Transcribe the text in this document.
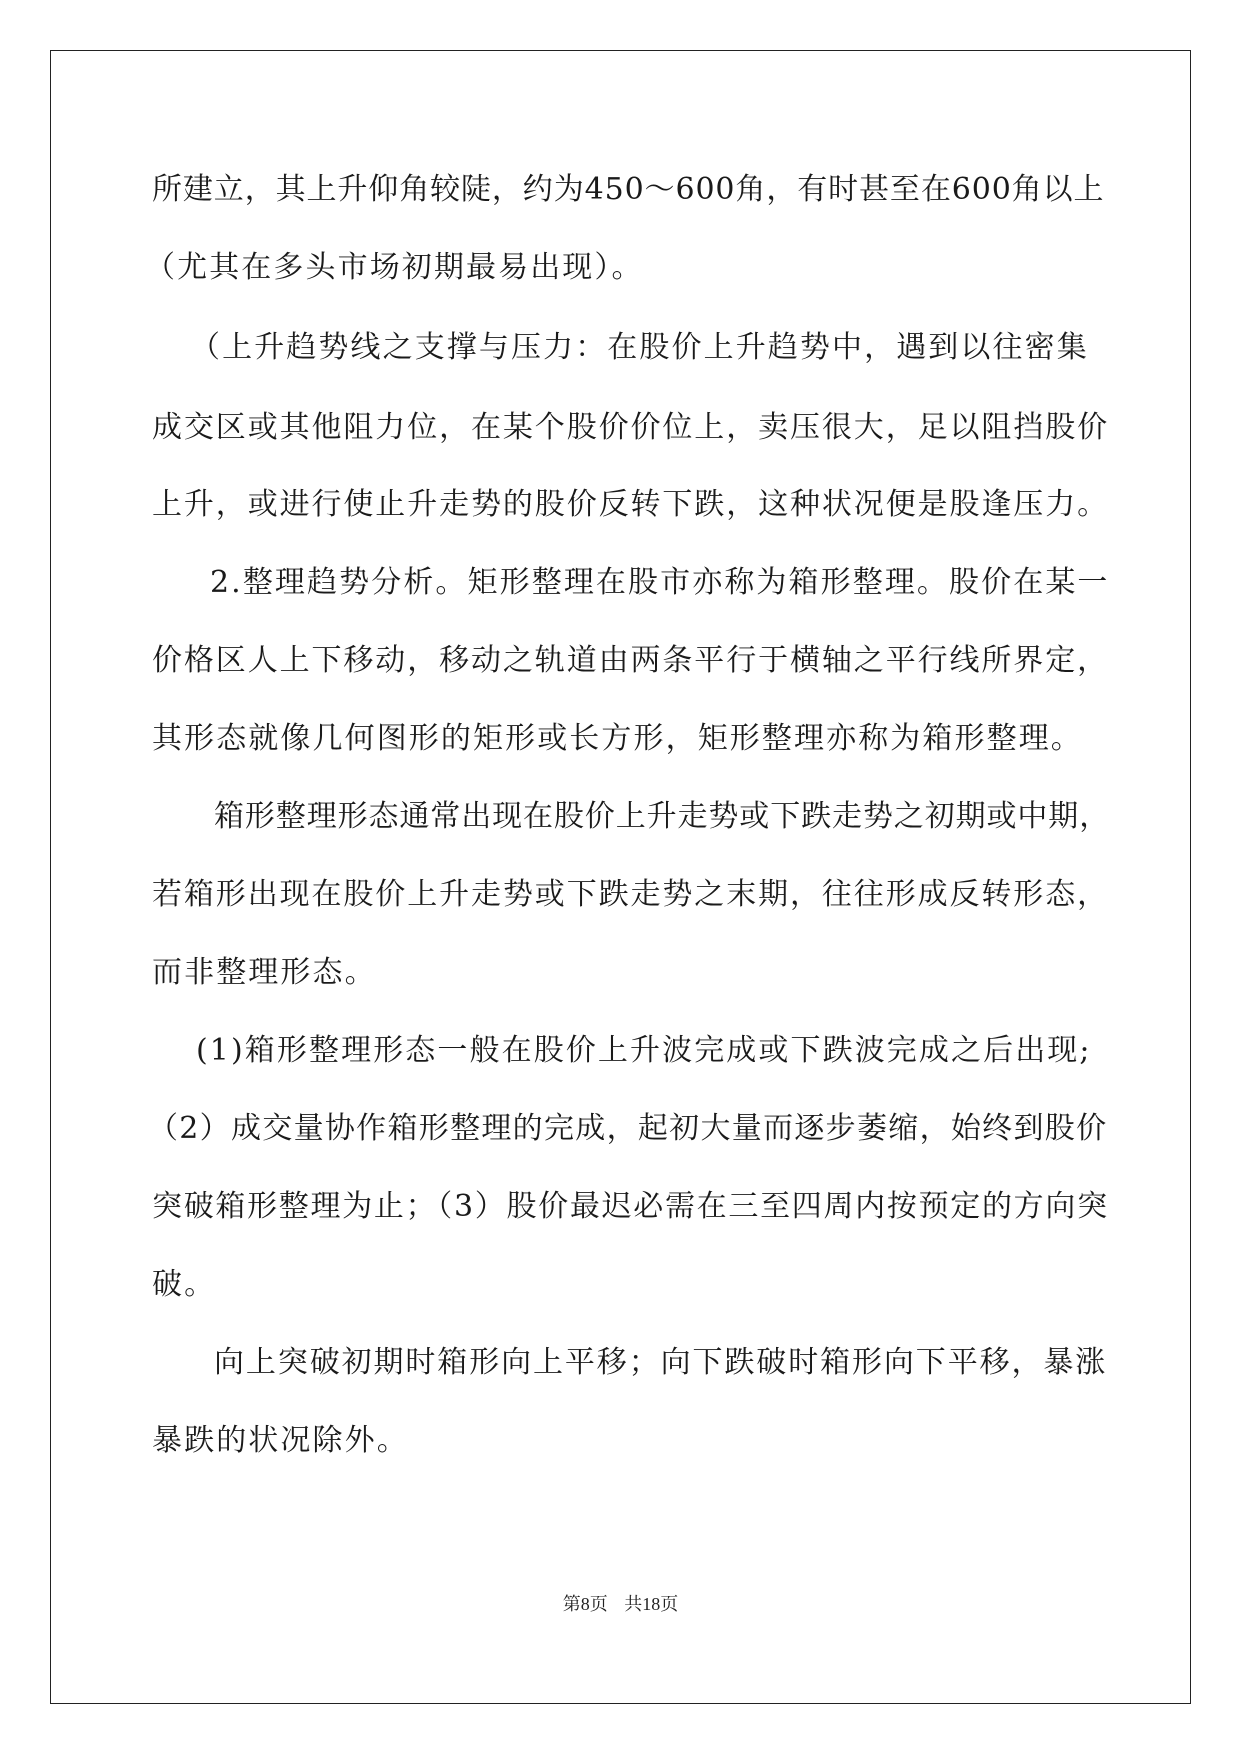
所建立，其上升仰角较陡，约为450～600角，有时甚至在600角以上
（尤其在多头市场初期最易出现）。
（上升趋势线之支撑与压力：在股价上升趋势中，遇到以往密集
成交区或其他阻力位，在某个股价价位上，卖压很大，足以阻挡股价
上升，或进行使止升走势的股价反转下跌，这种状况便是股逢压力。
2.整理趋势分析。矩形整理在股市亦称为箱形整理。股价在某一
价格区人上下移动，移动之轨道由两条平行于横轴之平行线所界定，
其形态就像几何图形的矩形或长方形，矩形整理亦称为箱形整理。
箱形整理形态通常出现在股价上升走势或下跌走势之初期或中期，
若箱形出现在股价上升走势或下跌走势之末期，往往形成反转形态，
而非整理形态。
(1)箱形整理形态一般在股价上升波完成或下跌波完成之后出现;
（2）成交量协作箱形整理的完成，起初大量而逐步萎缩，始终到股价
突破箱形整理为止；（3）股价最迟必需在三至四周内按预定的方向突
破。
向上突破初期时箱形向上平移；向下跌破时箱形向下平移，暴涨
暴跌的状况除外。
第8页 共18页
